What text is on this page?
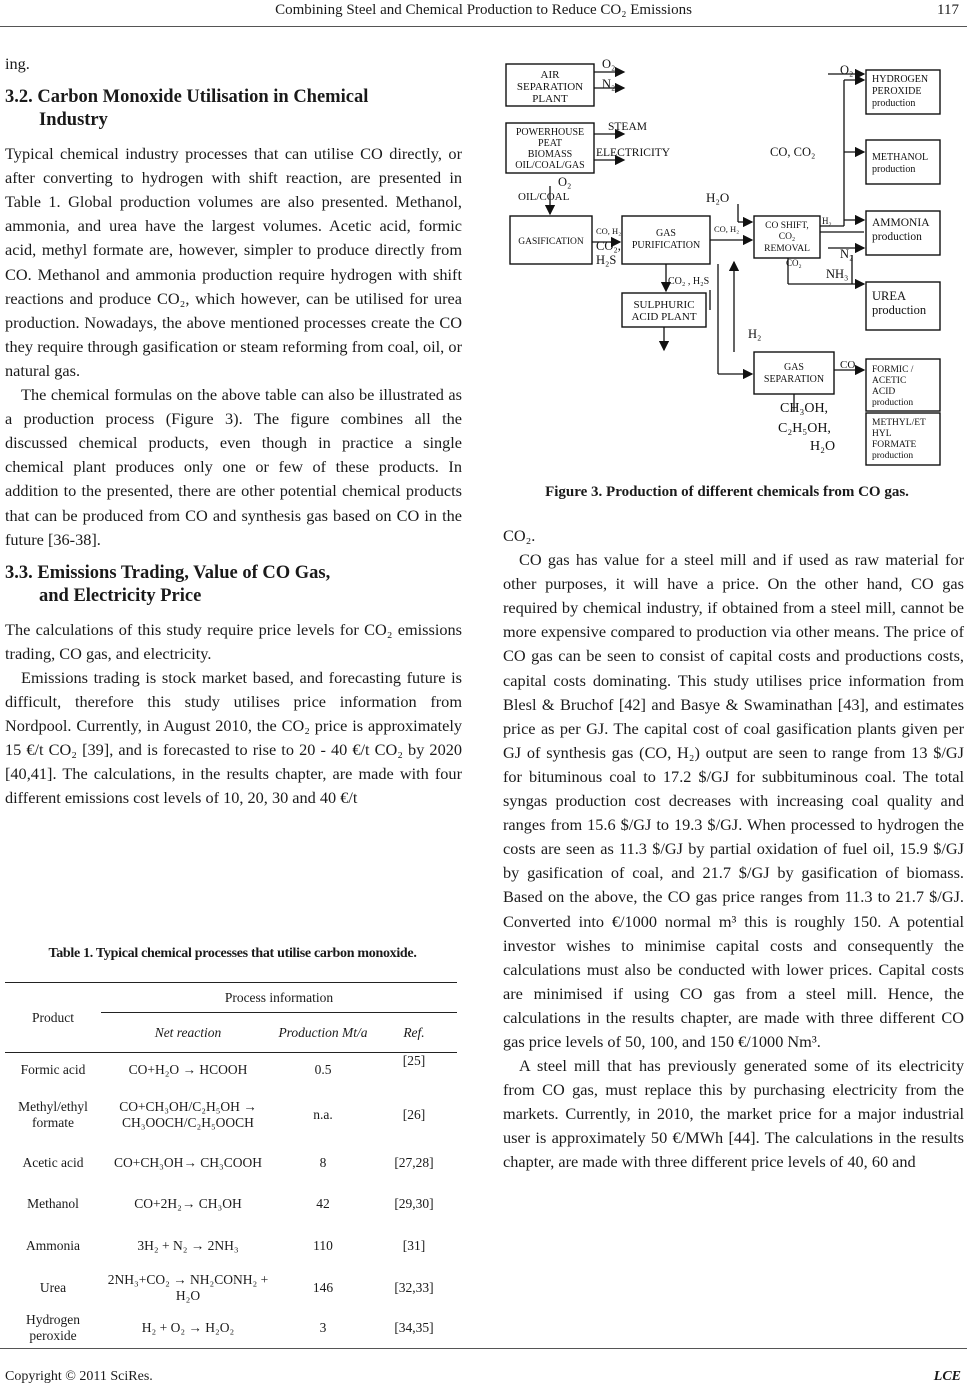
Combining Steel and Chemical Production to Reduce CO₂ Emissions	117

ing.

3.2. Carbon Monoxide Utilisation in Chemical
Industry

Typical chemical industry processes that can utilise CO directly, or after converting to hydrogen with shift reaction, are presented in Table 1. Global production volumes are also presented. Methanol, ammonia, and urea have the largest volumes. Acetic acid, formic acid, methyl formate are, however, simpler to produce directly from CO. Methanol and ammonia production require hydrogen with shift reactions and produce CO₂, which however, can be utilised for urea production. Nowadays, the above mentioned processes create the CO they require through gasification or steam reforming from coal, oil, or natural gas.

The chemical formulas on the above table can also be illustrated as a production process (Figure 3). The figure combines all the discussed chemical products, even though in practice a single chemical plant produces only one or few of these products. In addition to the presented, there are other potential chemical products that can be produced from CO and synthesis gas based on CO in the future [36-38].

3.3. Emissions Trading, Value of CO Gas,
and Electricity Price

The calculations of this study require price levels for CO₂ emissions trading, CO gas, and electricity.

Emissions trading is stock market based, and forecasting future is difficult, therefore this study utilises price information from Nordpool. Currently, in August 2010, the CO₂ price is approximately 15 €/t CO₂ [39], and is forecasted to rise to 20 - 40 €/t CO₂ by 2020 [40,41]. The calculations, in the results chapter, are made with four different emissions cost levels of 10, 20, 30 and 40 €/t

Table 1. Typical chemical processes that utilise carbon monoxide.
Product	Process information		
	Net reaction	Production Mt/a	Ref.
Formic acid	CO+H₂O → HCOOH	0.5	[25]
Methyl/ethyl formate	CO+CH₃OH/C₂H₅OH → CH₃OOCH/C₂H₅OOCH	n.a.	[26]
Acetic acid	CO+CH₃OH→ CH₃COOH	8	[27,28]
Methanol	CO+2H₂→ CH₃OH	42	[29,30]
Ammonia	3H₂ + N₂ → 2NH₃	110	[31]
Urea	2NH₃+CO₂ → NH₂CONH₂ + H₂O	146	[32,33]
Hydrogen peroxide	H₂ + O₂ → H₂O₂	3	[34,35]
AIR
SEPARATION
PLANT
POWERHOUSE
PEAT
BIOMASS
OIL/COAL/GAS
GASIFICATION
GAS
PURIFICATION
SULPHURIC
ACID PLANT
CO SHIFT,
CO₂
REMOVAL
GAS
SEPARATION
HYDROGEN
PEROXIDE
production
METHANOL
production
AMMONIA
production
UREA
production
FORMIC /
ACETIC
ACID
production
METHYL/ET
HYL
FORMATE
production
O₂
N₂
STEAM
ELECTRICITY
O₂
OIL/COAL
CO, H₂
CO₂,
H₂S
CO₂ , H₂S
CO, H₂
H₂O
H₂
CO₂
O₂
CO, CO₂
N₂
NH₃
H₂
CO
CH₃OH,
C₂H₅OH,
H₂O
Figure 3. Production of different chemicals from CO gas.

CO₂.

CO gas has value for a steel mill and if used as raw material for other purposes, it will have a price. On the other hand, CO gas required by chemical industry, if obtained from a steel mill, cannot be more expensive compared to production via other means. The price of CO gas can be seen to consist of capital costs and productions costs, capital costs dominating. This study utilises price information from Blesl & Bruchof [42] and Basye & Swaminathan [43], and estimates price as per GJ. The capital cost of coal gasification plants given per GJ of synthesis gas (CO, H₂) output are seen to range from 13 $/GJ for bituminous coal to 17.2 $/GJ for subbituminous coal. The total syngas production cost decreases with increasing coal quality and ranges from 15.6 $/GJ to 19.3 $/GJ. When processed to hydrogen the costs are seen as 11.3 $/GJ by partial oxidation of fuel oil, 15.9 $/GJ by gasification of coal, and 21.7 $/GJ by gasification of biomass. Based on the above, the CO gas price ranges from 11.3 to 21.7 $/GJ. Converted into €/1000 normal m³ this is roughly 150. A potential investor wishes to minimise capital costs and consequently the calculations must also be conducted with lower prices. Capital costs are minimised if using CO gas from a steel mill. Hence, the calculations in the results chapter, are made with three different CO gas price levels of 50, 100, and 150 €/1000 Nm³.

A steel mill that has previously generated some of its electricity from CO gas, must replace this by purchasing electricity from the markets. Currently, in 2010, the market price for a major industrial user is approximately 50 €/MWh [44]. The calculations in the results chapter, are made with three different price levels of 40, 60 and

Copyright © 2011 SciRes.	LCE
